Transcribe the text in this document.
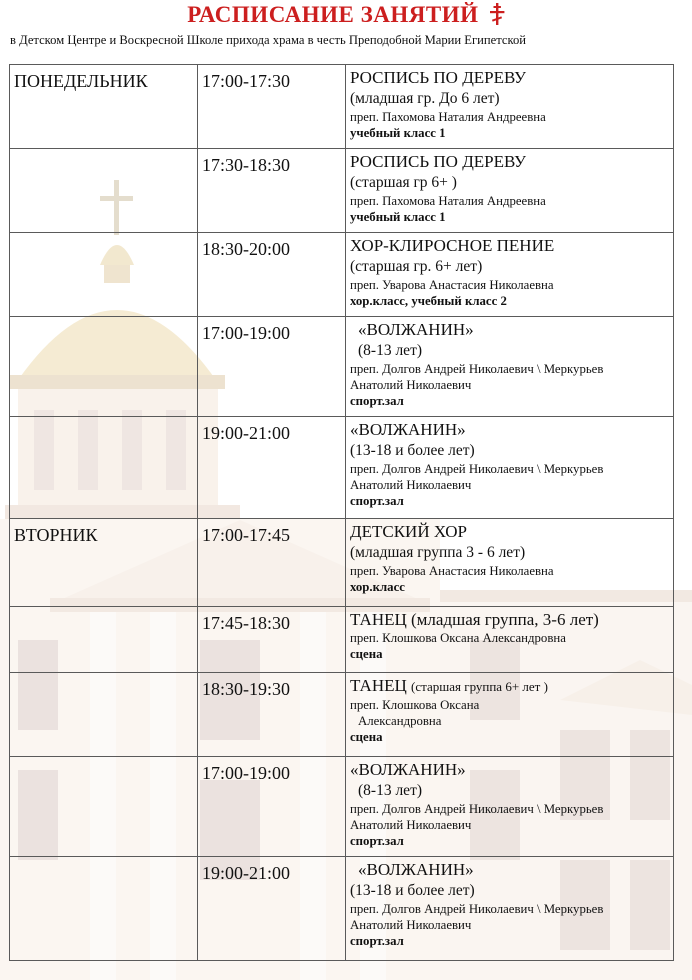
РАСПИСАНИЕ ЗАНЯТИЙ
в Детском Центре и Воскресной Школе прихода храма в честь Преподобной Марии Египетской
ПОНЕДЕЛЬНИК	17:00-17:30	РОСПИСЬ ПО ДЕРЕВУ
(младшая гр. До 6 лет)
преп. Пахомова Наталия Андреевна
учебный класс 1

	17:30-18:30	РОСПИСЬ ПО ДЕРЕВУ
(старшая гр 6+ )
преп. Пахомова Наталия Андреевна
учебный класс 1

	18:30-20:00	ХОР-КЛИРОСНОЕ ПЕНИЕ
(старшая гр. 6+ лет)
преп. Уварова Анастасия Николаевна
хор.класс, учебный класс 2

	17:00-19:00	«ВОЛЖАНИН»
(8-13 лет)
преп. Долгов Андрей Николаевич \ Меркурьев
Анатолий Николаевич
спорт.зал

	19:00-21:00	«ВОЛЖАНИН»
(13-18 и более лет)
преп. Долгов Андрей Николаевич \ Меркурьев
Анатолий Николаевич
спорт.зал

ВТОРНИК	17:00-17:45	ДЕТСКИЙ ХОР
(младшая группа 3 - 6 лет)
преп. Уварова Анастасия Николаевна
хор.класс

	17:45-18:30	ТАНЕЦ (младшая группа, 3-6 лет)
преп. Клошкова Оксана Александровна
сцена

	18:30-19:30	ТАНЕЦ (старшая группа 6+ лет )
преп. Клошкова Оксана
Александровна
сцена

	17:00-19:00	«ВОЛЖАНИН»
(8-13 лет)
преп. Долгов Андрей Николаевич \ Меркурьев
Анатолий Николаевич
спорт.зал

	19:00-21:00	«ВОЛЖАНИН»
(13-18 и более лет)
преп. Долгов Андрей Николаевич \ Меркурьев
Анатолий Николаевич
спорт.зал
